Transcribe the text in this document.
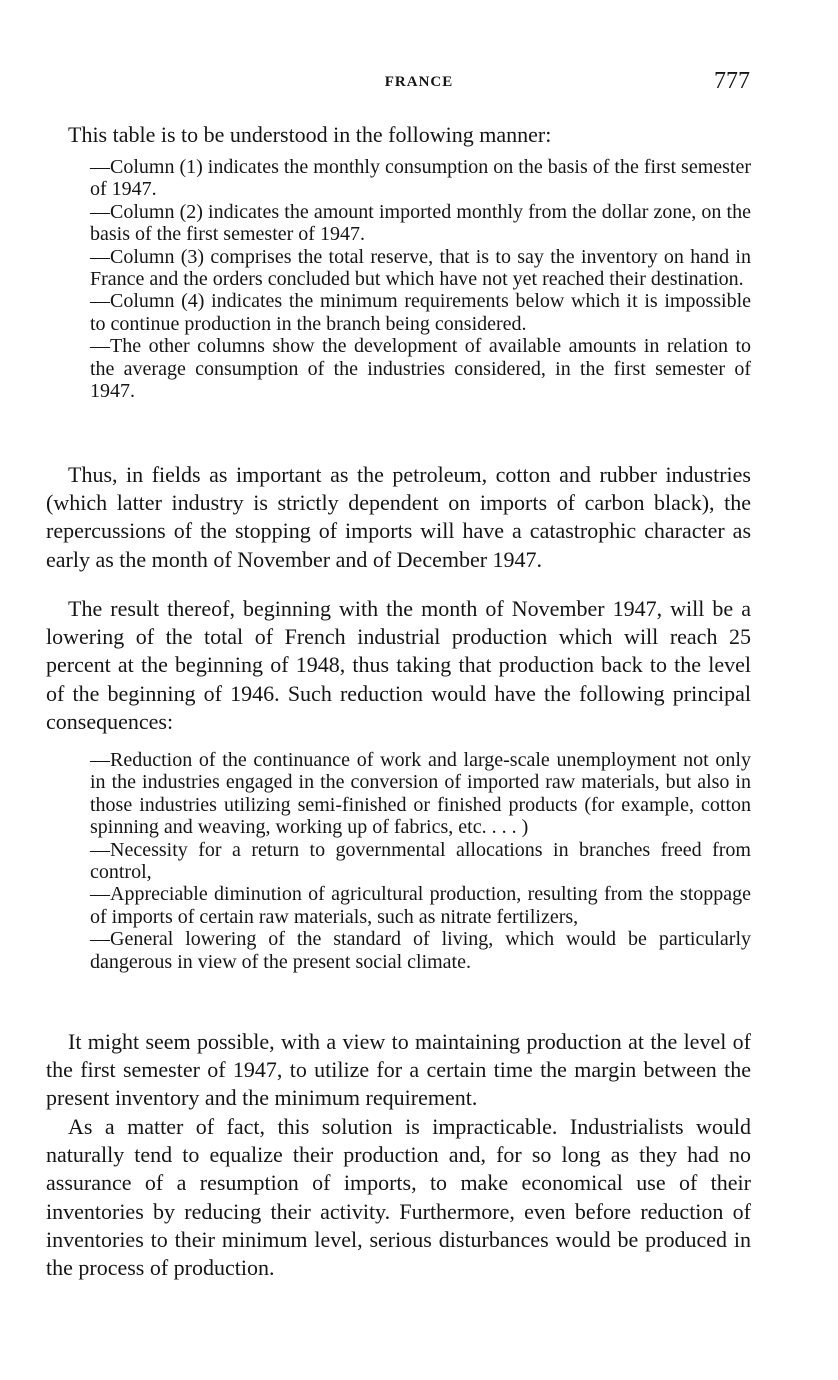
FRANCE	777
This table is to be understood in the following manner:

—Column (1) indicates the monthly consumption on the basis of the first semester of 1947.

—Column (2) indicates the amount imported monthly from the dollar zone, on the basis of the first semester of 1947.

—Column (3) comprises the total reserve, that is to say the inventory on hand in France and the orders concluded but which have not yet reached their destination.

—Column (4) indicates the minimum requirements below which it is impossible to continue production in the branch being considered.

—The other columns show the development of available amounts in relation to the average consumption of the industries considered, in the first semester of 1947.

Thus, in fields as important as the petroleum, cotton and rubber industries (which latter industry is strictly dependent on imports of carbon black), the repercussions of the stopping of imports will have a catastrophic character as early as the month of November and of December 1947.

The result thereof, beginning with the month of November 1947, will be a lowering of the total of French industrial production which will reach 25 percent at the beginning of 1948, thus taking that production back to the level of the beginning of 1946. Such reduction would have the following principal consequences:

—Reduction of the continuance of work and large-scale unemployment not only in the industries engaged in the conversion of imported raw materials, but also in those industries utilizing semi-finished or finished products (for example, cotton spinning and weaving, working up of fabrics, etc. . . . )

—Necessity for a return to governmental allocations in branches freed from control,

—Appreciable diminution of agricultural production, resulting from the stoppage of imports of certain raw materials, such as nitrate fertilizers,

—General lowering of the standard of living, which would be particularly dangerous in view of the present social climate.

It might seem possible, with a view to maintaining production at the level of the first semester of 1947, to utilize for a certain time the margin between the present inventory and the minimum requirement.

As a matter of fact, this solution is impracticable. Industrialists would naturally tend to equalize their production and, for so long as they had no assurance of a resumption of imports, to make economical use of their inventories by reducing their activity. Furthermore, even before reduction of inventories to their minimum level, serious disturbances would be produced in the process of production.
